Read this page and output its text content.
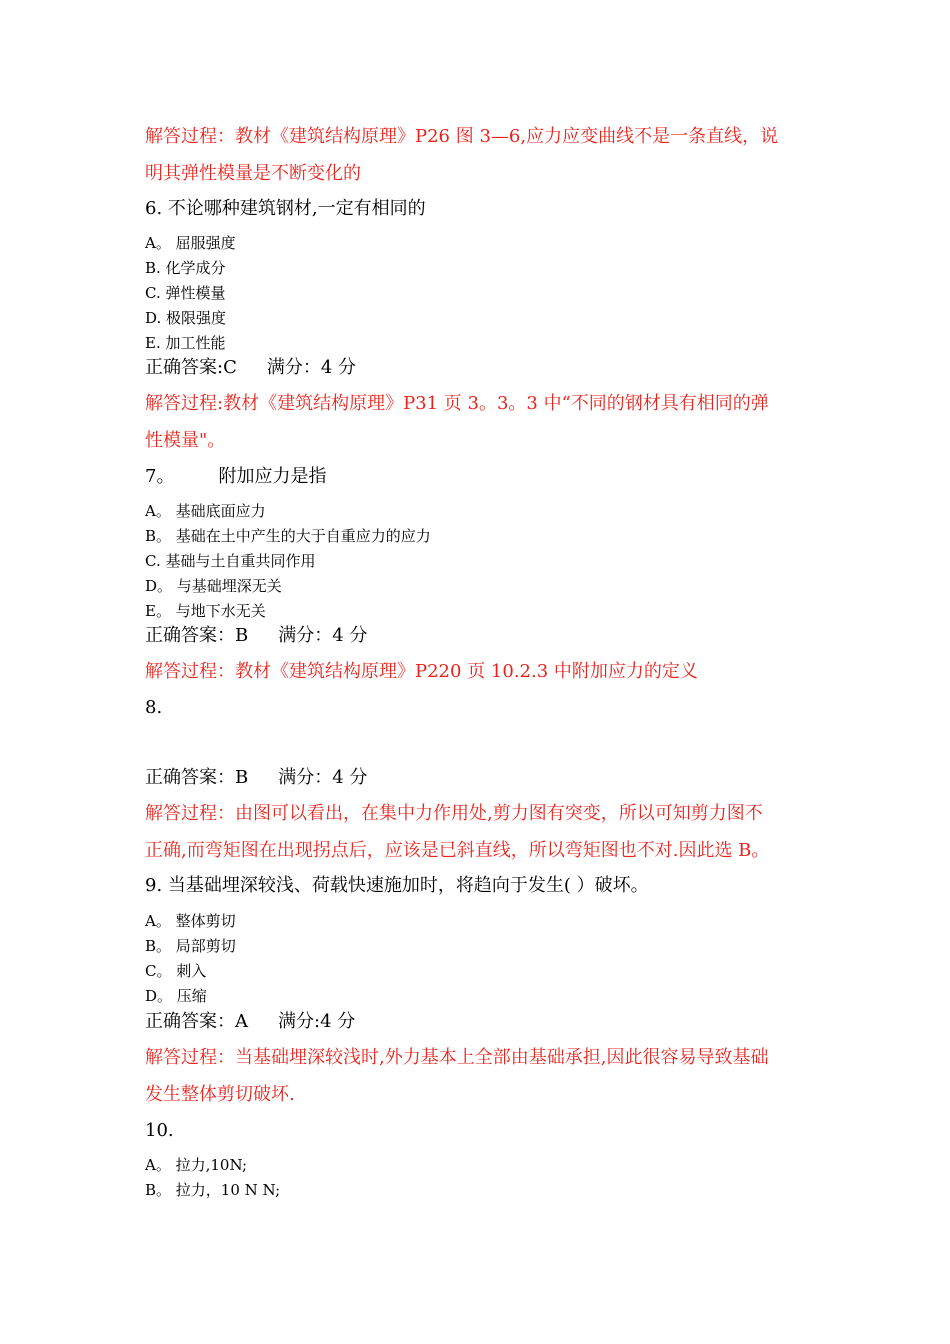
解答过程：教材《建筑结构原理》P26 图 3—6,应力应变曲线不是一条直线，说
明其弹性模量是不断变化的
6. 不论哪种建筑钢材,一定有相同的
A。 屈服强度
B. 化学成分
C. 弹性模量
D. 极限强度
E. 加工性能
正确答案:C 满分：4 分
解答过程:教材《建筑结构原理》P31 页 3。3。3 中“不同的钢材具有相同的弹
性模量"。
7。 附加应力是指
A。 基础底面应力
B。 基础在土中产生的大于自重应力的应力
C. 基础与土自重共同作用
D。 与基础埋深无关
E。 与地下水无关
正确答案：B 满分：4 分
解答过程：教材《建筑结构原理》P220 页 10.2.3 中附加应力的定义
8.
正确答案：B 满分：4 分
解答过程：由图可以看出，在集中力作用处,剪力图有突变，所以可知剪力图不
正确,而弯矩图在出现拐点后，应该是已斜直线，所以弯矩图也不对.因此选 B。
9. 当基础埋深较浅、荷载快速施加时，将趋向于发生( ）破坏。
A。 整体剪切
B。 局部剪切
C。 刺入
D。 压缩
正确答案：A 满分:4 分
解答过程：当基础埋深较浅时,外力基本上全部由基础承担,因此很容易导致基础
发生整体剪切破坏.
10.
A。 拉力,10N;
B。 拉力，10 N N;
